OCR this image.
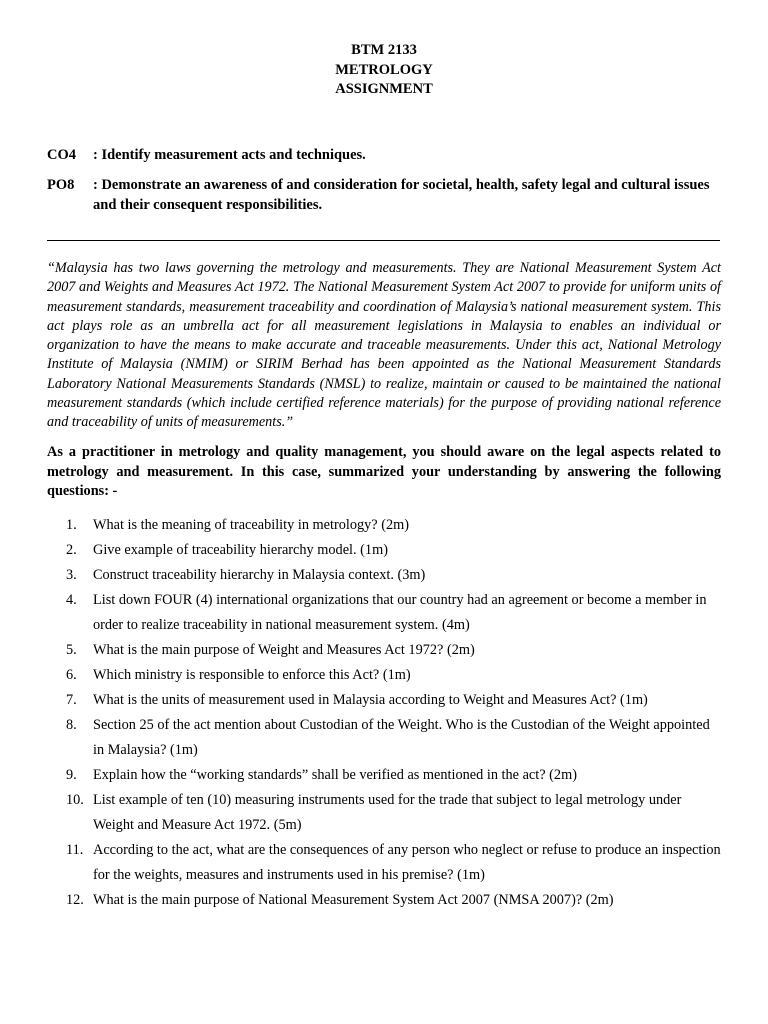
BTM 2133
METROLOGY
ASSIGNMENT
CO4 : Identify measurement acts and techniques.
PO8 : Demonstrate an awareness of and consideration for societal, health, safety legal and cultural issues and their consequent responsibilities.
“Malaysia has two laws governing the metrology and measurements. They are National Measurement System Act 2007 and Weights and Measures Act 1972. The National Measurement System Act 2007 to provide for uniform units of measurement standards, measurement traceability and coordination of Malaysia’s national measurement system. This act plays role as an umbrella act for all measurement legislations in Malaysia to enables an individual or organization to have the means to make accurate and traceable measurements. Under this act, National Metrology Institute of Malaysia (NMIM) or SIRIM Berhad has been appointed as the National Measurement Standards Laboratory National Measurements Standards (NMSL) to realize, maintain or caused to be maintained the national measurement standards (which include certified reference materials) for the purpose of providing national reference and traceability of units of measurements.”
As a practitioner in metrology and quality management, you should aware on the legal aspects related to metrology and measurement. In this case, summarized your understanding by answering the following questions: -
1.	What is the meaning of traceability in metrology? (2m)
2.	Give example of traceability hierarchy model. (1m)
3.	Construct traceability hierarchy in Malaysia context. (3m)
4.	List down FOUR (4) international organizations that our country had an agreement or become a member in order to realize traceability in national measurement system. (4m)
5.	What is the main purpose of Weight and Measures Act 1972? (2m)
6.	Which ministry is responsible to enforce this Act? (1m)
7.	What is the units of measurement used in Malaysia according to Weight and Measures Act? (1m)
8.	Section 25 of the act mention about Custodian of the Weight. Who is the Custodian of the Weight appointed in Malaysia? (1m)
9.	Explain how the “working standards” shall be verified as mentioned in the act? (2m)
10. List example of ten (10) measuring instruments used for the trade that subject to legal metrology under Weight and Measure Act 1972. (5m)
11. According to the act, what are the consequences of any person who neglect or refuse to produce an inspection for the weights, measures and instruments used in his premise? (1m)
12. What is the main purpose of National Measurement System Act 2007 (NMSA 2007)? (2m)
